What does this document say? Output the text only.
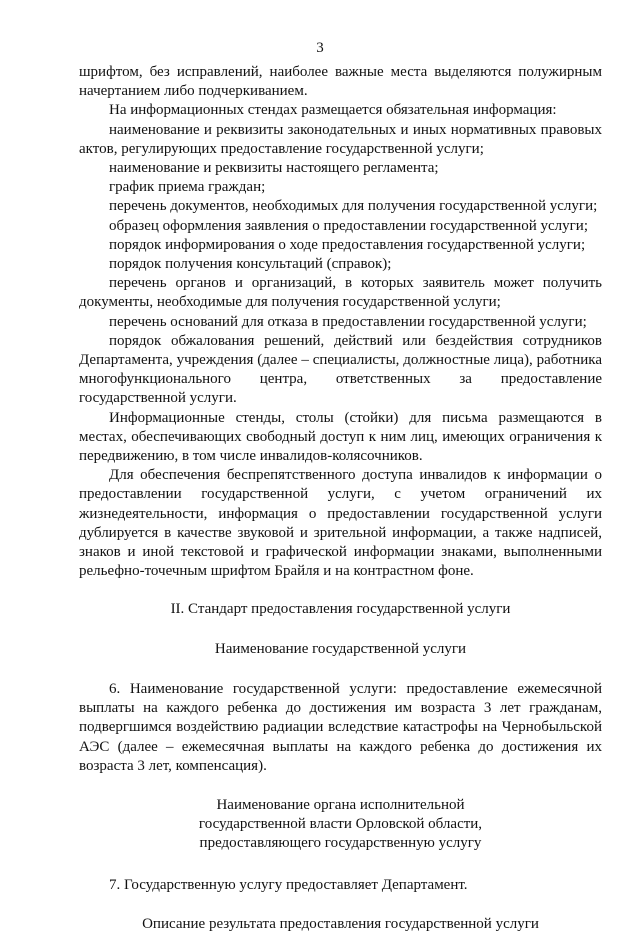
3

шрифтом, без исправлений, наиболее важные места выделяются полужирным начертанием либо подчеркиванием.

На информационных стендах размещается обязательная информация:

наименование и реквизиты законодательных и иных нормативных правовых актов, регулирующих предоставление государственной услуги;

наименование и реквизиты настоящего регламента;

график приема граждан;

перечень документов, необходимых для получения государственной услуги;

образец оформления заявления о предоставлении государственной услуги;

порядок информирования о ходе предоставления государственной услуги;

порядок получения консультаций (справок);

перечень органов и организаций, в которых заявитель может получить документы, необходимые для получения государственной услуги;

перечень оснований для отказа в предоставлении государственной услуги;

порядок обжалования решений, действий или бездействия сотрудников Департамента, учреждения (далее – специалисты, должностные лица), работника многофункционального центра, ответственных за предоставление государственной услуги.

Информационные стенды, столы (стойки) для письма размещаются в местах, обеспечивающих свободный доступ к ним лиц, имеющих ограничения к передвижению, в том числе инвалидов-колясочников.

Для обеспечения беспрепятственного доступа инвалидов к информации о предоставлении государственной услуги, с учетом ограничений их жизнедеятельности, информация о предоставлении государственной услуги дублируется в качестве звуковой и зрительной информации, а также надписей, знаков и иной текстовой и графической информации знаками, выполненными рельефно-точечным шрифтом Брайля и на контрастном фоне.

II. Стандарт предоставления государственной услуги

Наименование государственной услуги

6. Наименование государственной услуги: предоставление ежемесячной выплаты на каждого ребенка до достижения им возраста 3 лет гражданам, подвергшимся воздействию радиации вследствие катастрофы на Чернобыльской АЭС (далее – ежемесячная выплаты на каждого ребенка до достижения их возраста 3 лет, компенсация).

Наименование органа исполнительной
государственной власти Орловской области,
предоставляющего государственную услугу

7. Государственную услугу предоставляет Департамент.

Описание результата предоставления государственной услуги
